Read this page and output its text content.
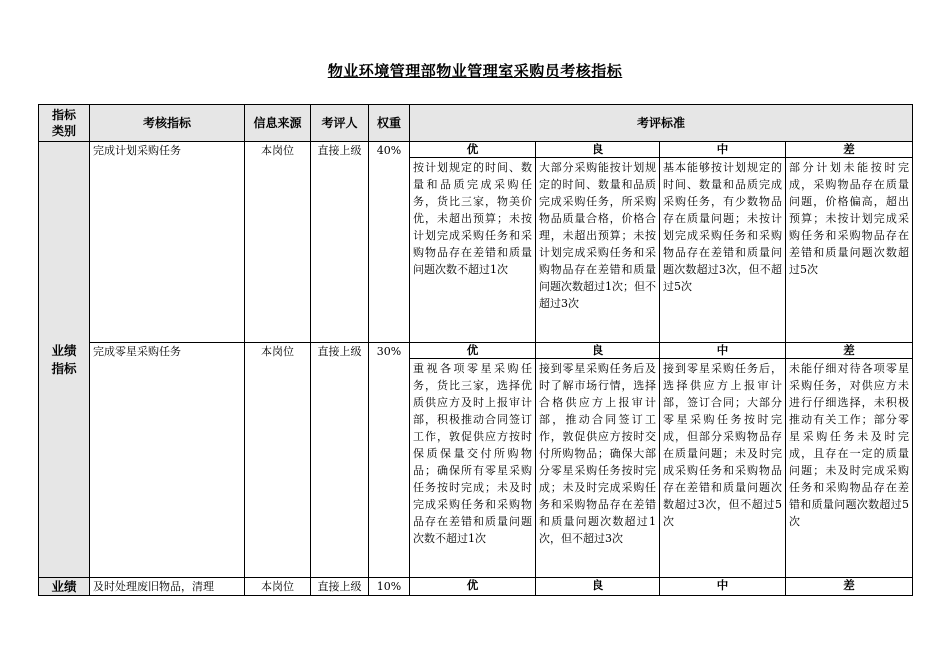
物业环境管理部物业管理室采购员考核指标
指标
类别	考核指标	信息来源	考评人	权重	考评标准			
业绩
指标	完成计划采购任务	本岗位	直接上级	40%	优	良	中	差
					按计划规定的时间、数量和品质完成采购任务，货比三家，物美价优，未超出预算；未按计划完成采购任务和采购物品存在差错和质量问题次数不超过1次	大部分采购能按计划规定的时间、数量和品质完成采购任务，所采购物品质量合格，价格合理，未超出预算；未按计划完成采购任务和采购物品存在差错和质量问题次数超过1次；但不超过3次	基本能够按计划规定的时间、数量和品质完成采购任务，有少数物品存在质量问题；未按计划完成采购任务和采购物品存在差错和质量问题次数超过3次，但不超过5次	部分计划未能按时完成，采购物品存在质量问题，价格偏高，超出预算；未按计划完成采购任务和采购物品存在差错和质量问题次数超过5次
	完成零星采购任务	本岗位	直接上级	30%	优	良	中	差
					重视各项零星采购任务，货比三家，选择优质供应方及时上报审计部，积极推动合同签订工作，敦促供应方按时保质保量交付所购物品；确保所有零星采购任务按时完成；未及时完成采购任务和采购物品存在差错和质量问题次数不超过1次	接到零星采购任务后及时了解市场行情，选择合格供应方上报审计部，推动合同签订工作，敦促供应方按时交付所购物品；确保大部分零星采购任务按时完成；未及时完成采购任务和采购物品存在差错和质量问题次数超过1次，但不超过3次	接到零星采购任务后，选择供应方上报审计部，签订合同；大部分零星采购任务按时完成，但部分采购物品存在质量问题；未及时完成采购任务和采购物品存在差错和质量问题次数超过3次，但不超过5次	未能仔细对待各项零星采购任务，对供应方未进行仔细选择，未积极推动有关工作；部分零星采购任务未及时完成，且存在一定的质量问题；未及时完成采购任务和采购物品存在差错和质量问题次数超过5次
业绩	及时处理废旧物品，清理	本岗位	直接上级	10%	优	良	中	差
